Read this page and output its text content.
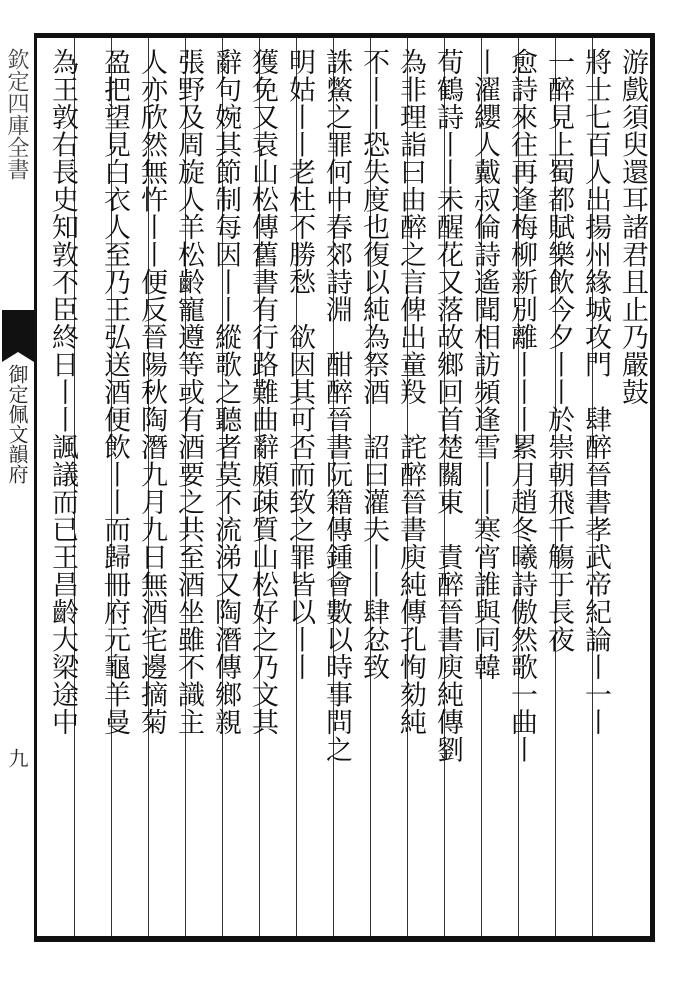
欽定四庫全書
御定佩文韻府
九
游戲須臾還耳諸君且止乃嚴鼓
將士七百人出揚州緣城攻門　肆醉晉書孝武帝紀論丨一丨
一醉見上蜀都賦樂飲今夕丨丨於崇朝飛千觴于長夜
愈詩來往再逢梅柳新別離丨丨丨累月趙冬曦詩傲然歌一曲丨
丨濯纓人戴叔倫詩遙聞相訪頻逢雪丨丨寒宵誰與同韓
荀鶴詩丨丨未醒花又落故鄉回首楚關東　責醉晉書庾純傳劉
為非理詣曰由醉之言俾出童羖　詫醉晉書庾純傳孔恂劾純
不丨丨恐失度也復以純為祭酒　詔曰灌夫丨丨肆忿致
誅鱉之罪何中春郊詩淵　酣醉晉書阮籍傳鍾會數以時事問之
明姑丨丨老杜不勝愁　欲因其可否而致之罪皆以丨丨
獲免又袁山松傳舊書有行路難曲辭頗疎質山松好之乃文其
辭句婉其節制每因丨丨縱歌之聽者莫不流涕又陶潛傳鄉親
張野及周旋人羊松齡寵遵等或有酒要之共至酒坐雖不識主
人亦欣然無忤丨丨便反晉陽秋陶潛九月九日無酒宅邊摘菊
盈把望見白衣人至乃王弘送酒便飲丨丨而歸冊府元龜羊曼
為王敦右長史知敦不臣終日丨丨諷議而已王昌齡大梁途中
